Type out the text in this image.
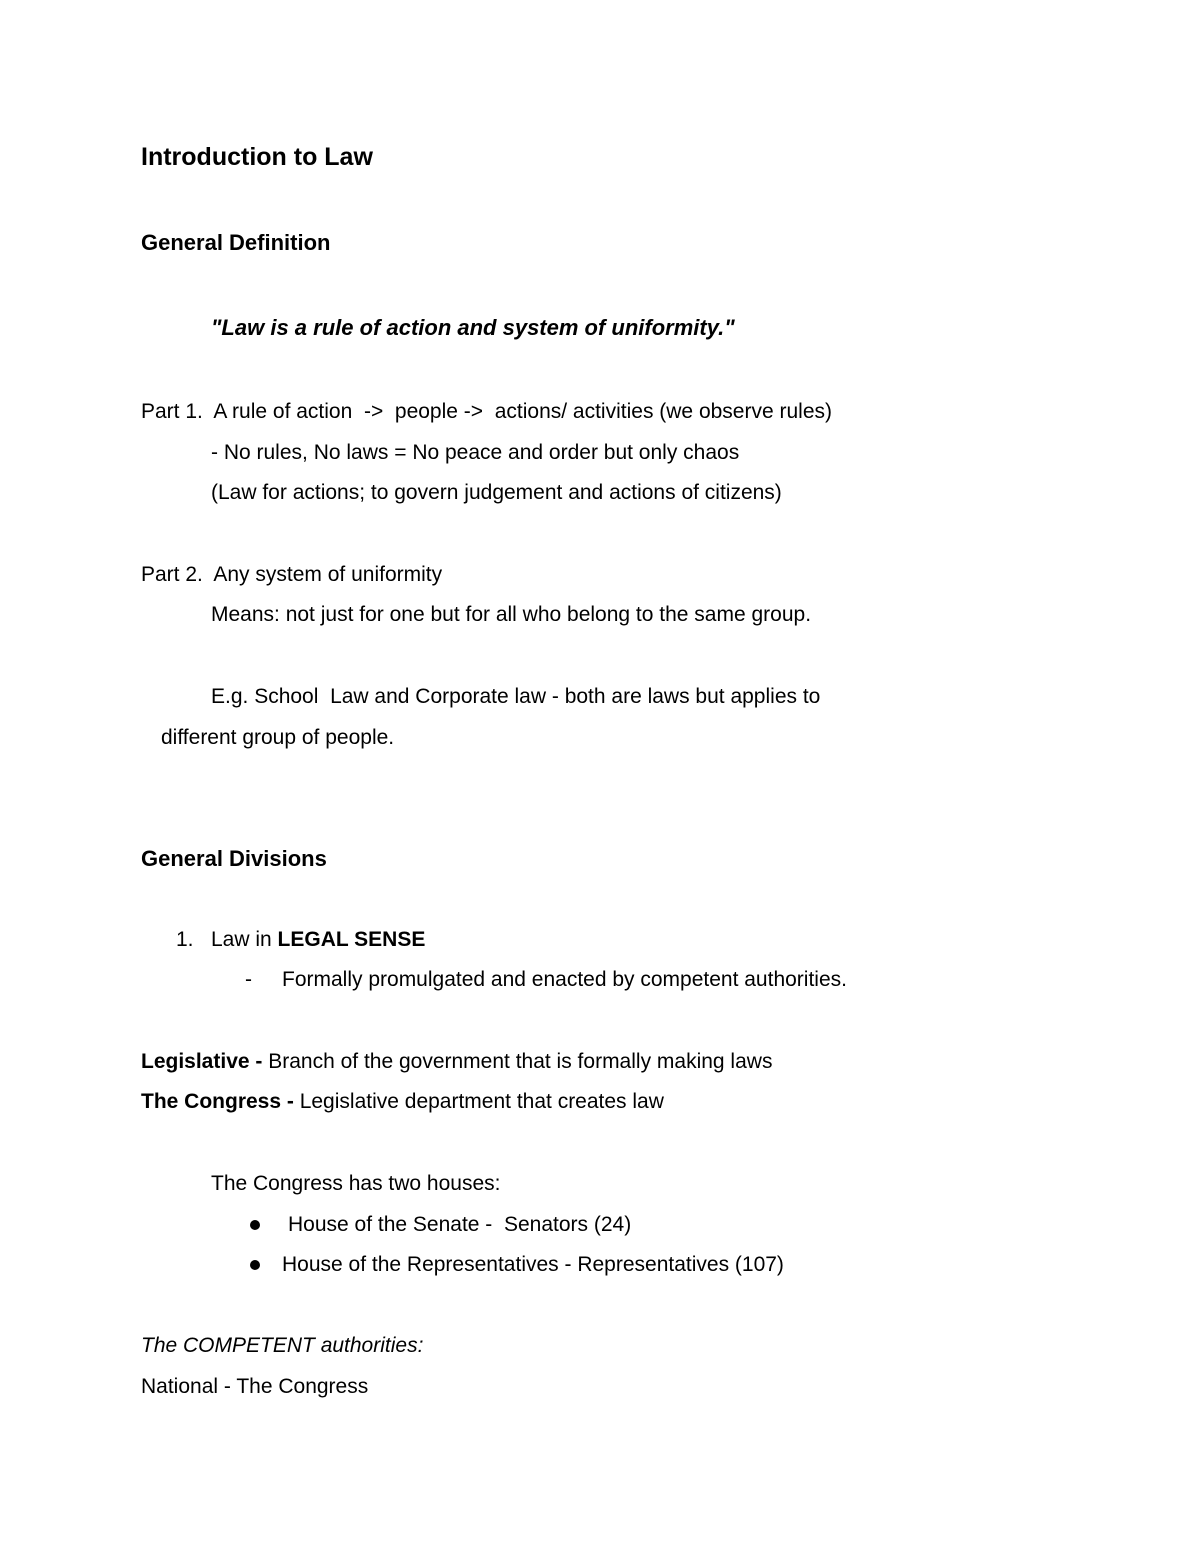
Introduction to Law
General Definition
"Law is a rule of action and system of uniformity."
Part 1.  A rule of action  ->  people ->  actions/ activities (we observe rules)
- No rules, No laws = No peace and order but only chaos
(Law for actions; to govern judgement and actions of citizens)
Part 2.  Any system of uniformity
Means: not just for one but for all who belong to the same group.
E.g. School  Law and Corporate law - both are laws but applies to
different group of people.
General Divisions
1. Law in LEGAL SENSE
- Formally promulgated and enacted by competent authorities.
Legislative - Branch of the government that is formally making laws
The Congress - Legislative department that creates law
The Congress has two houses:
House of the Senate -  Senators (24)
House of the Representatives - Representatives (107)
The COMPETENT authorities:
National - The Congress
